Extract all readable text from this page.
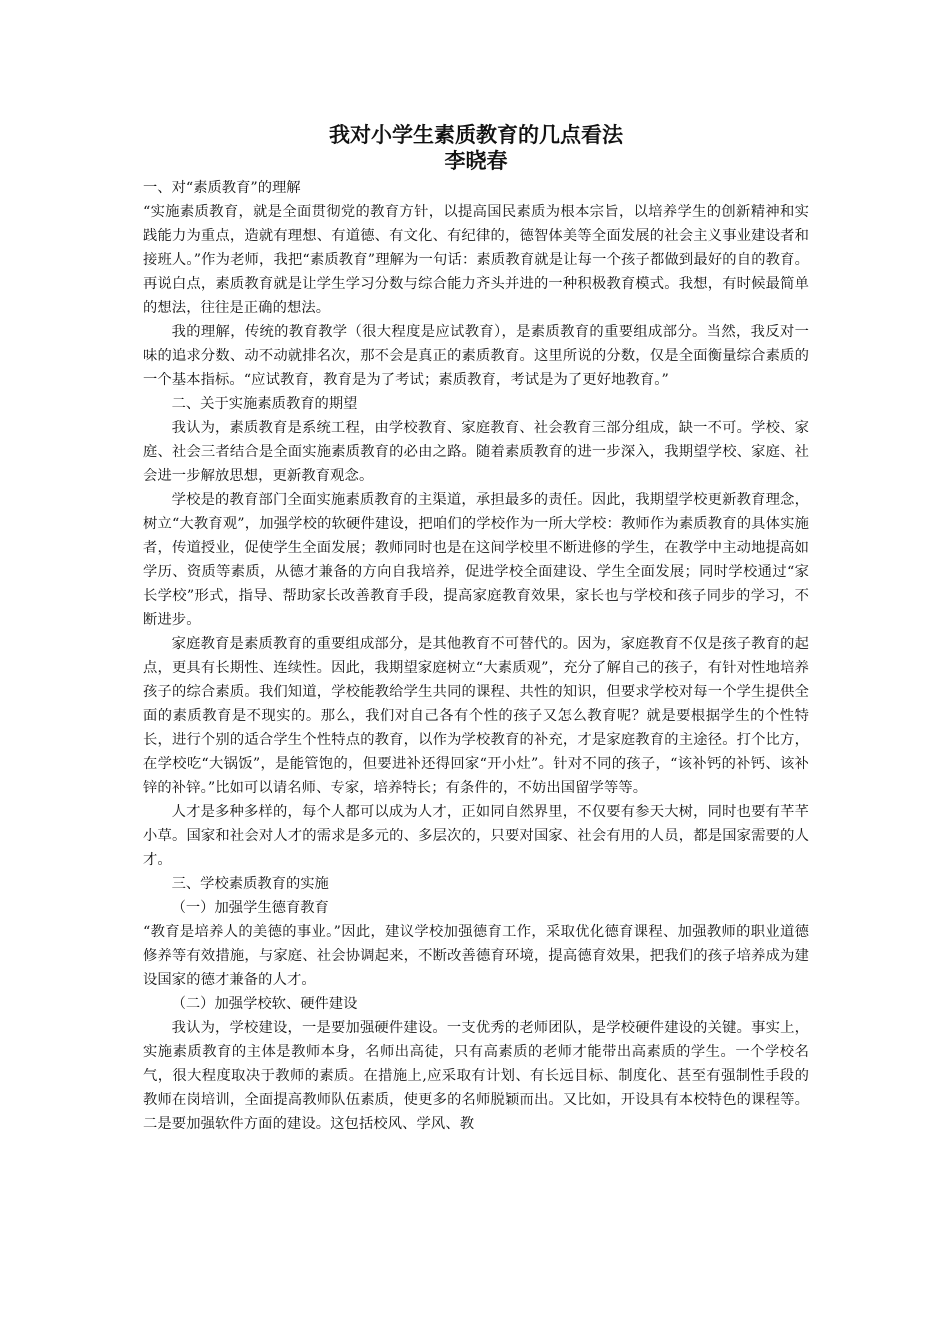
我对小学生素质教育的几点看法
李晓春

一、对“素质教育”的理解

“实施素质教育，就是全面贯彻党的教育方针，以提高国民素质为根本宗旨，以培养学生的创新精神和实践能力为重点，造就有理想、有道德、有文化、有纪律的，德智体美等全面发展的社会主义事业建设者和接班人。”作为老师，我把“素质教育”理解为一句话：素质教育就是让每一个孩子都做到最好的自的教育。再说白点，素质教育就是让学生学习分数与综合能力齐头并进的一种积极教育模式。我想，有时候最简单的想法，往往是正确的想法。

我的理解，传统的教育教学（很大程度是应试教育），是素质教育的重要组成部分。当然，我反对一味的追求分数、动不动就排名次，那不会是真正的素质教育。这里所说的分数，仅是全面衡量综合素质的一个基本指标。“应试教育，教育是为了考试；素质教育，考试是为了更好地教育。”

二、关于实施素质教育的期望

我认为，素质教育是系统工程，由学校教育、家庭教育、社会教育三部分组成，缺一不可。学校、家庭、社会三者结合是全面实施素质教育的必由之路。随着素质教育的进一步深入，我期望学校、家庭、社会进一步解放思想，更新教育观念。

学校是的教育部门全面实施素质教育的主渠道，承担最多的责任。因此，我期望学校更新教育理念，树立“大教育观”，加强学校的软硬件建设，把咱们的学校作为一所大学校：教师作为素质教育的具体实施者，传道授业，促使学生全面发展；教师同时也是在这间学校里不断进修的学生，在教学中主动地提高如学历、资质等素质，从德才兼备的方向自我培养，促进学校全面建设、学生全面发展；同时学校通过“家长学校”形式，指导、帮助家长改善教育手段，提高家庭教育效果，家长也与学校和孩子同步的学习，不断进步。

家庭教育是素质教育的重要组成部分，是其他教育不可替代的。因为，家庭教育不仅是孩子教育的起点，更具有长期性、连续性。因此，我期望家庭树立“大素质观”，充分了解自己的孩子，有针对性地培养孩子的综合素质。我们知道，学校能教给学生共同的课程、共性的知识，但要求学校对每一个学生提供全面的素质教育是不现实的。那么，我们对自己各有个性的孩子又怎么教育呢？就是要根据学生的个性特长，进行个别的适合学生个性特点的教育，以作为学校教育的补充，才是家庭教育的主途径。打个比方，在学校吃“大锅饭”，是能管饱的，但要进补还得回家“开小灶”。针对不同的孩子，“该补钙的补钙、该补锌的补锌。”比如可以请名师、专家，培养特长；有条件的，不妨出国留学等等。

人才是多种多样的，每个人都可以成为人才，正如同自然界里，不仅要有参天大树，同时也要有芊芊小草。国家和社会对人才的需求是多元的、多层次的，只要对国家、社会有用的人员，都是国家需要的人才。

三、学校素质教育的实施

（一）加强学生德育教育

“教育是培养人的美德的事业。”因此，建议学校加强德育工作，采取优化德育课程、加强教师的职业道德修养等有效措施，与家庭、社会协调起来，不断改善德育环境，提高德育效果，把我们的孩子培养成为建设国家的德才兼备的人才。

（二）加强学校软、硬件建设

我认为，学校建设，一是要加强硬件建设。一支优秀的老师团队，是学校硬件建设的关键。事实上，实施素质教育的主体是教师本身，名师出高徒，只有高素质的老师才能带出高素质的学生。一个学校名气，很大程度取决于教师的素质。在措施上,应采取有计划、有长远目标、制度化、甚至有强制性手段的教师在岗培训，全面提高教师队伍素质，使更多的名师脱颖而出。又比如，开设具有本校特色的课程等。二是要加强软件方面的建设。这包括校风、学风、教
